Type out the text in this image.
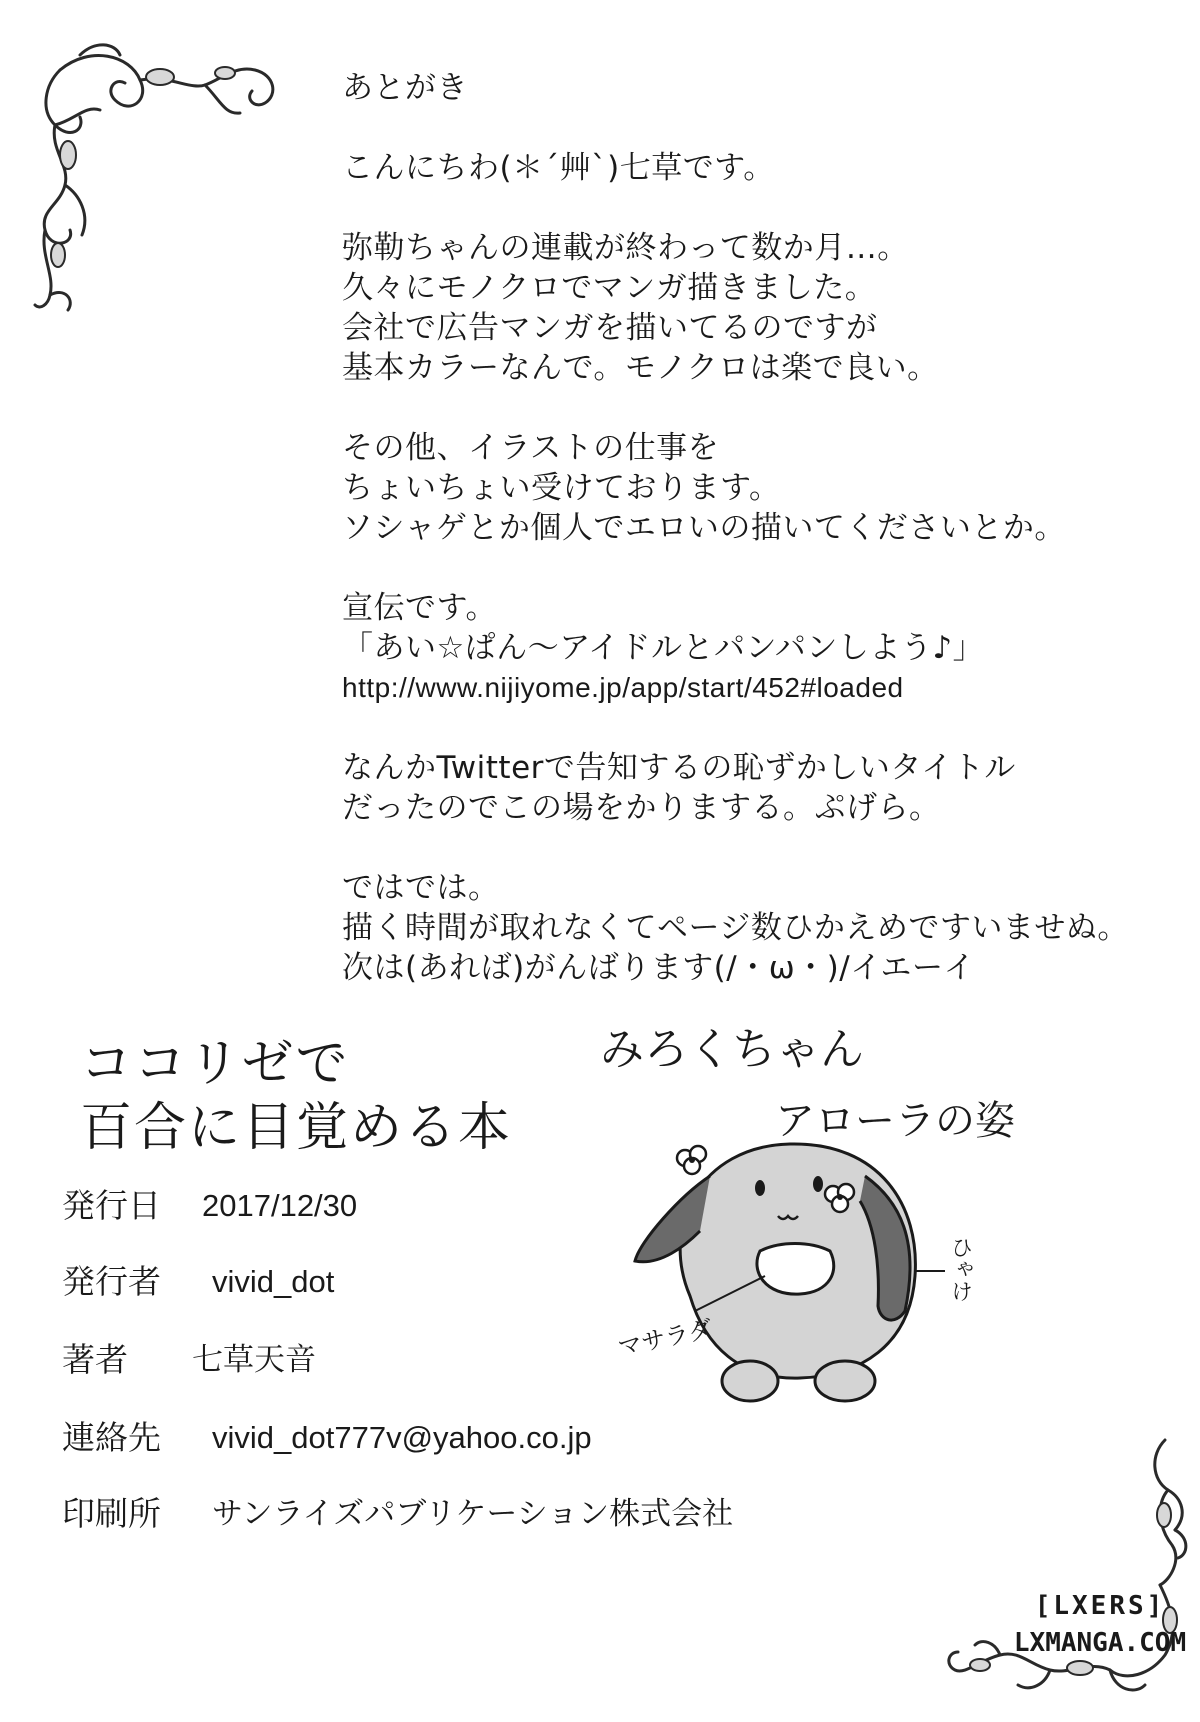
あとがき
こんにちわ(＊´艸`)七草です。
弥勒ちゃんの連載が終わって数か月…。
久々にモノクロでマンガ描きました。
会社で広告マンガを描いてるのですが
基本カラーなんで。モノクロは楽で良い。
その他、イラストの仕事を
ちょいちょい受けております。
ソシャゲとか個人でエロいの描いてくださいとか。
宣伝です。
「あい☆ぱん～アイドルとパンパンしよう♪」
http://www.nijiyome.jp/app/start/452#loaded
なんかTwitterで告知するの恥ずかしいタイトル
だったのでこの場をかりまする。ぷげら。
ではでは。
描く時間が取れなくてページ数ひかえめですいませぬ。
次は(あれば)がんばります(/・ω・)/イエーイ
ココリゼで
百合に目覚める本
発行日 2017/12/30
発行者 vivid_dot
著者 七草天音
連絡先 vivid_dot777v@yahoo.co.jp
印刷所 サンライズパブリケーション株式会社
みろくちゃん
アローラの姿
ひゃけ
マサラダ
[LXERS]
LXMANGA.COM
